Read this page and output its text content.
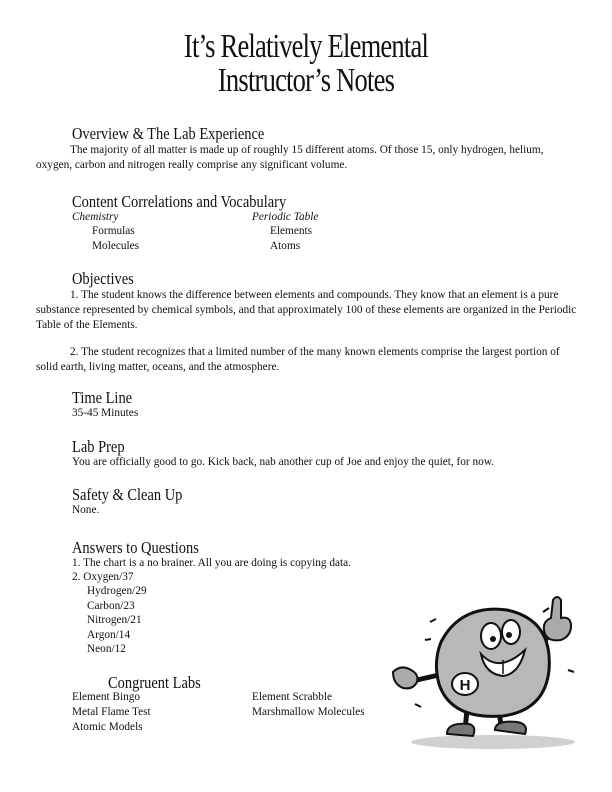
It’s Relatively Elemental
Instructor’s Notes
Overview & The Lab Experience
The majority of all matter is made up of roughly 15 different atoms. Of those 15, only hydrogen, helium, oxygen, carbon and nitrogen really comprise any significant volume.
Content Correlations and Vocabulary
Chemistry
Formulas
Molecules
Periodic Table
Elements
Atoms
Objectives
1. The student knows the difference between elements and compounds. They know that an element is a pure substance represented by chemical symbols, and that approximately 100 of these elements are organized in the Periodic Table of the Elements.
2. The student recognizes that a limited number of the many known elements comprise the largest portion of solid earth, living matter, oceans, and the atmosphere.
Time Line
35-45 Minutes
Lab Prep
You are officially good to go. Kick back, nab another cup of Joe and enjoy the quiet, for now.
Safety & Clean Up
None.
Answers to Questions
1. The chart is a no brainer. All you are doing is copying data.
2. Oxygen/37
Hydrogen/29
Carbon/23
Nitrogen/21
Argon/14
Neon/12
Congruent Labs
Element Bingo
Metal Flame Test
Atomic Models
Element Scrabble
Marshmallow Molecules
H
